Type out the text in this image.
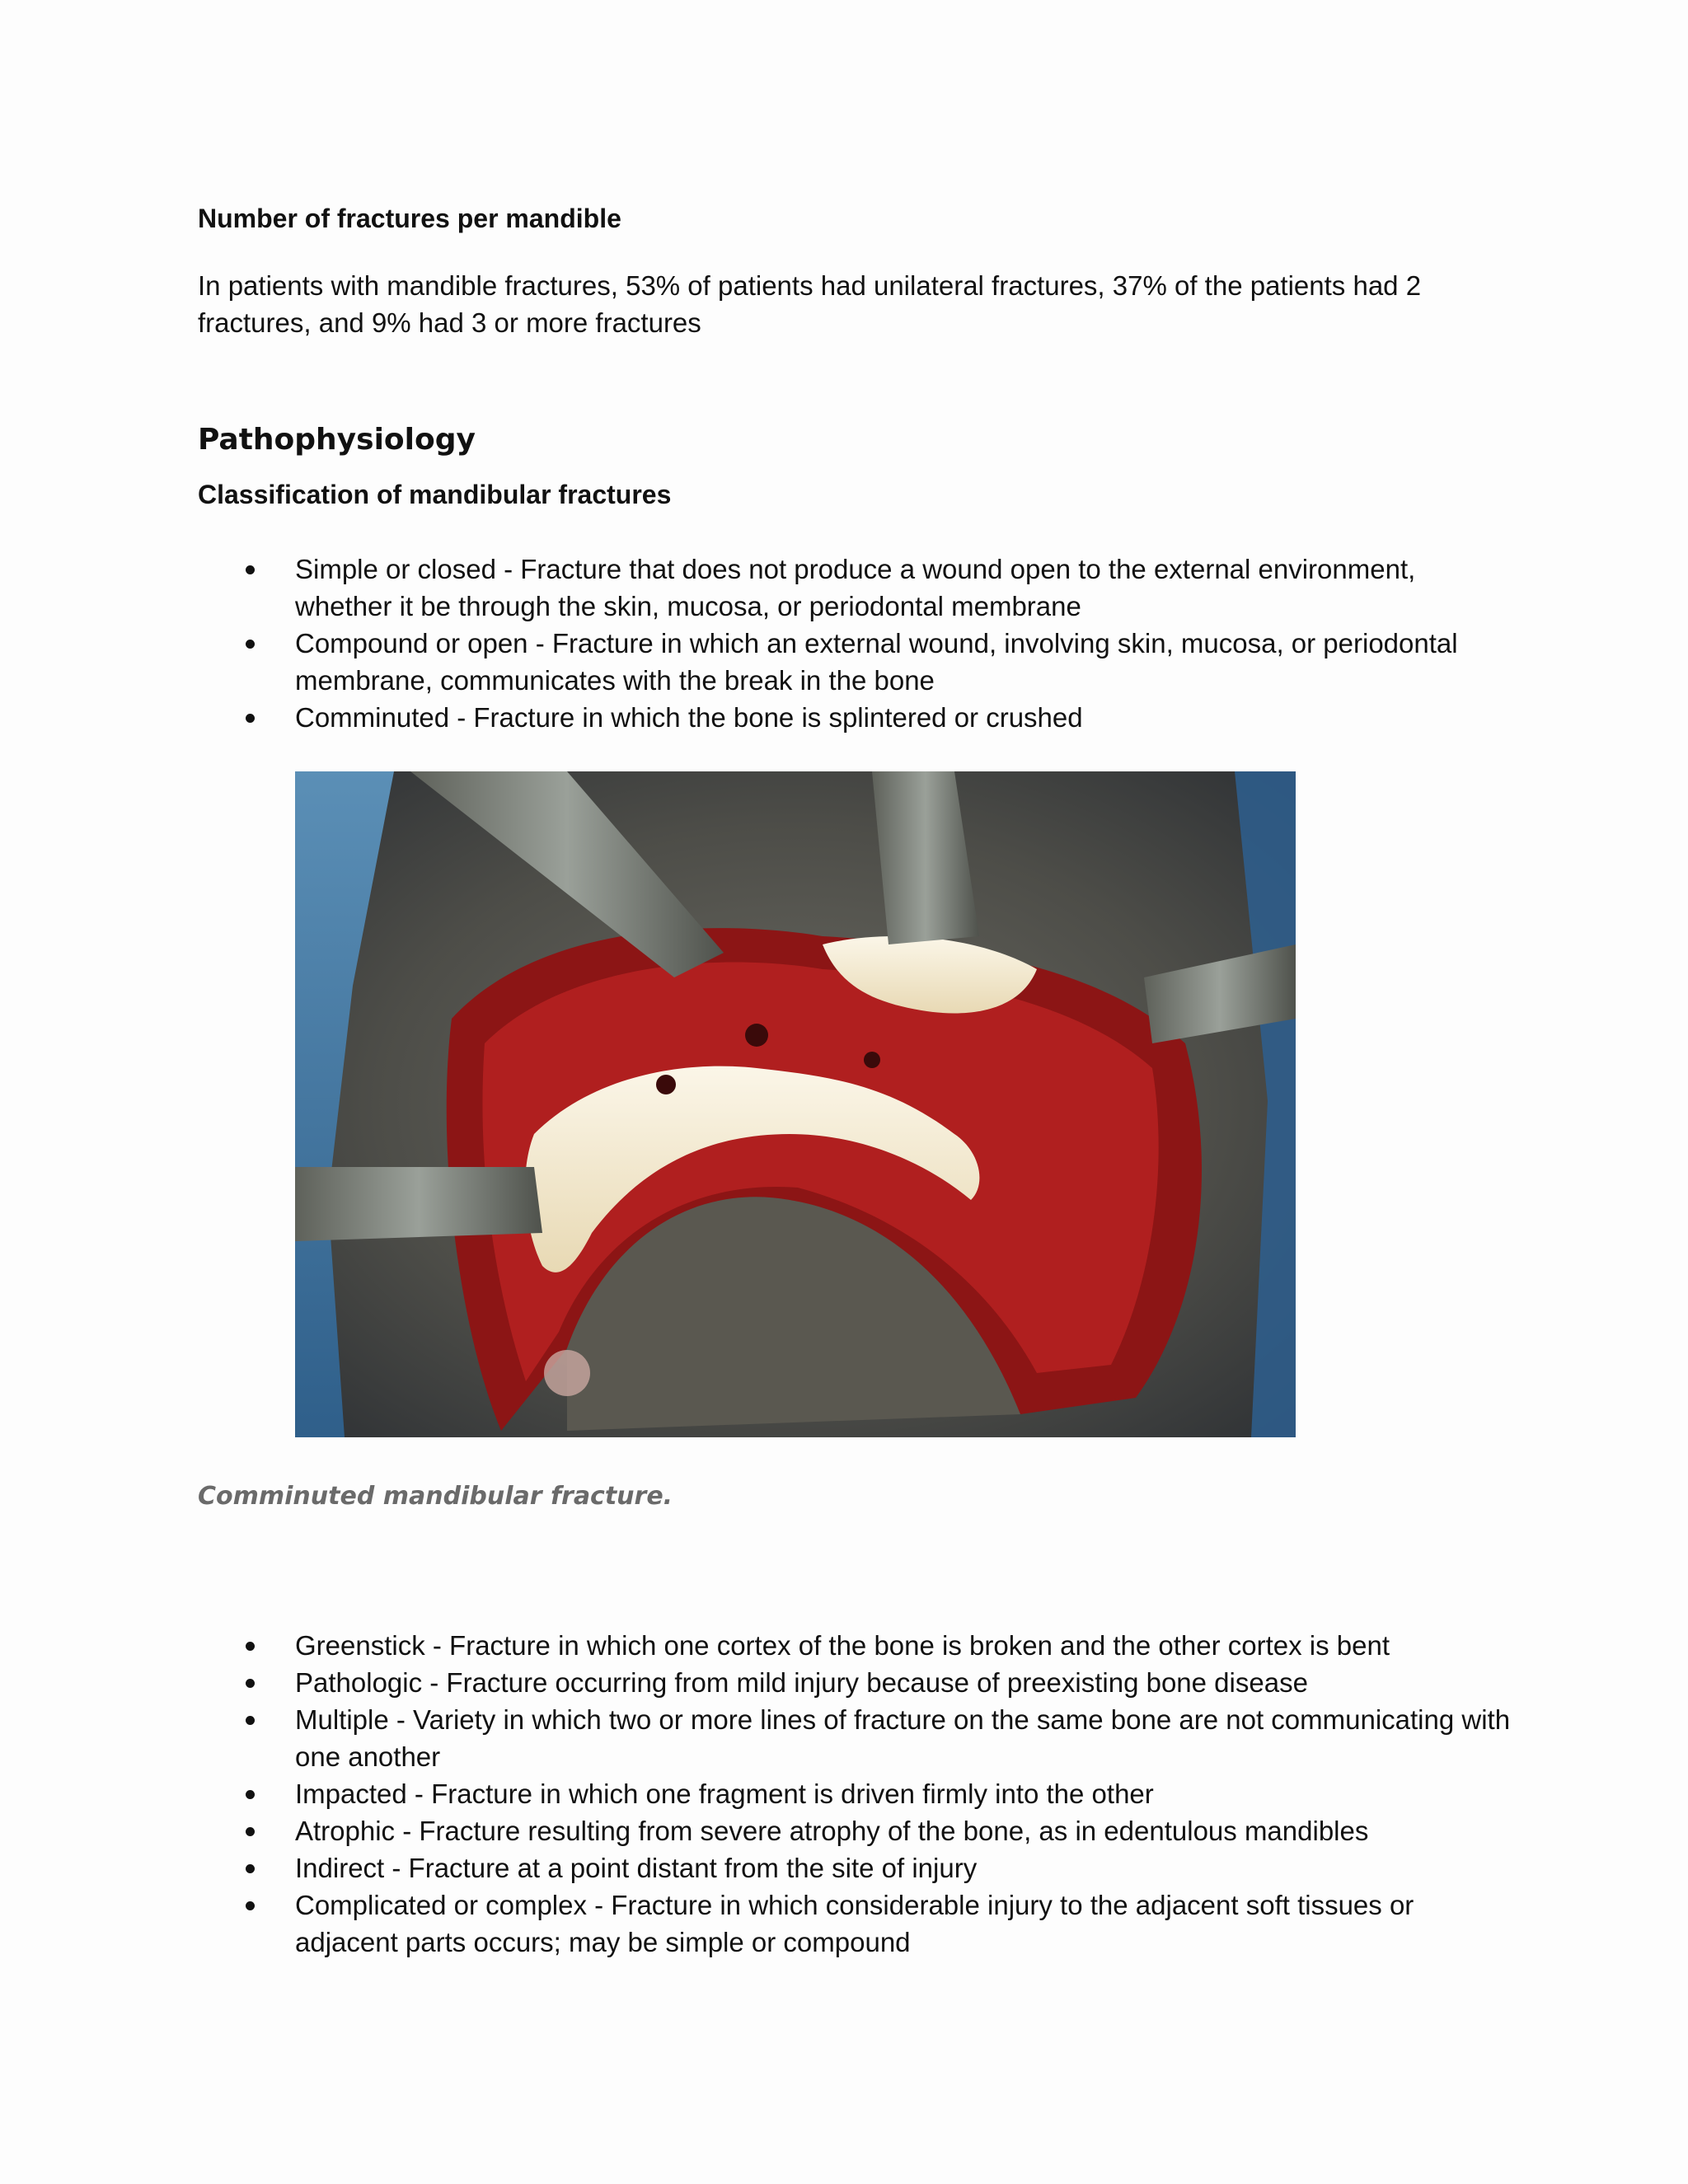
Number of fractures per mandible

In patients with mandible fractures, 53% of patients had unilateral fractures, 37% of the patients had 2 fractures, and 9% had 3 or more fractures

Pathophysiology
Classification of mandibular fractures
Simple or closed - Fracture that does not produce a wound open to the external environment, whether it be through the skin, mucosa, or periodontal membrane
Compound or open - Fracture in which an external wound, involving skin, mucosa, or periodontal membrane, communicates with the break in the bone
Comminuted - Fracture in which the bone is splintered or crushed

Comminuted mandibular fracture.

Greenstick - Fracture in which one cortex of the bone is broken and the other cortex is bent
Pathologic - Fracture occurring from mild injury because of preexisting bone disease
Multiple - Variety in which two or more lines of fracture on the same bone are not communicating with one another
Impacted - Fracture in which one fragment is driven firmly into the other
Atrophic - Fracture resulting from severe atrophy of the bone, as in edentulous mandibles
Indirect - Fracture at a point distant from the site of injury
Complicated or complex - Fracture in which considerable injury to the adjacent soft tissues or adjacent parts occurs; may be simple or compound
